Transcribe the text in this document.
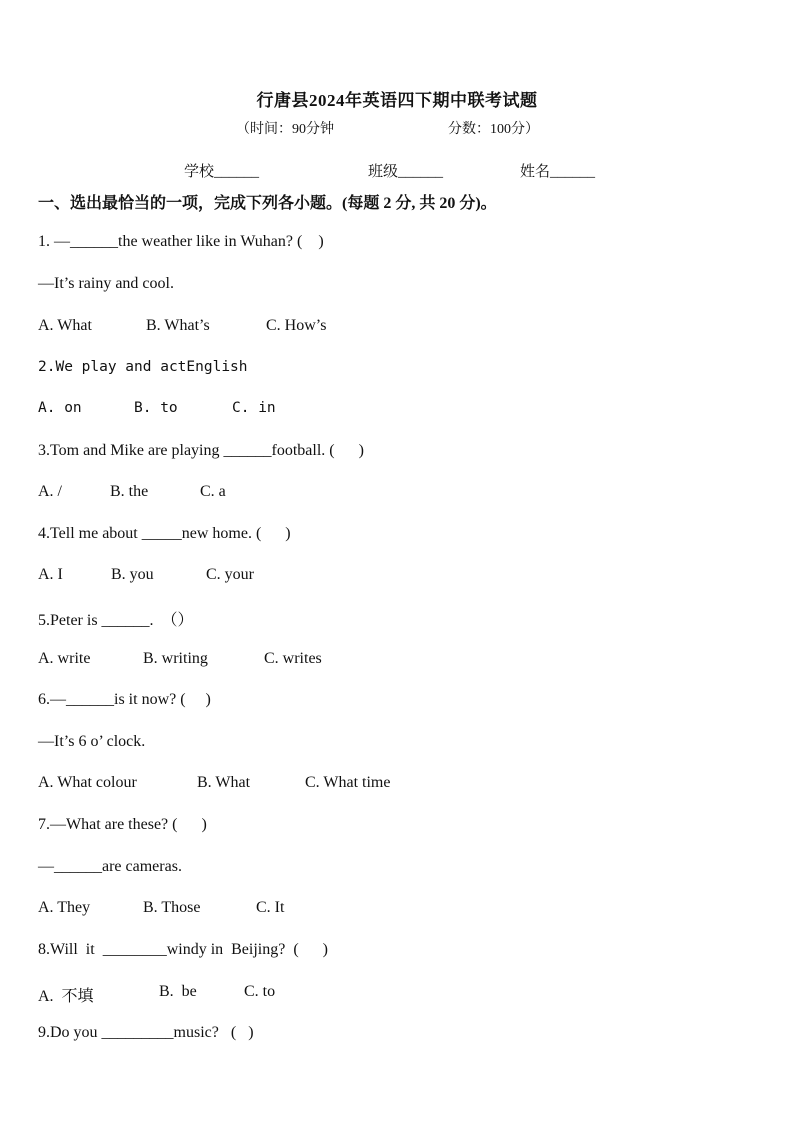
行唐县2024年英语四下期中联考试题
（时间：90分钟	分数：100分）
学校______	班级______	姓名______
一、选出最恰当的一项，完成下列各小题。(每题 2 分, 共 20 分)。
1. —______the weather like in Wuhan? (    )
—It’s rainy and cool.
A. What	B. What’s	C. How’s
2.We play and actEnglish
A. on	B. to	C. in
3.Tom and Mike are playing ______football. (      )
A. /	B. the	C. a
4.Tell me about _____new home. (      )
A. I	B. you	C. your
5.Peter is ______.  （）
A. write	B. writing	C. writes
6.—______is it now? (     )
—It’s 6 o’ clock.
A. What colour	B. What	C. What time
7.—What are these? (      )
—______are cameras.
A. They	B. Those	C. It
8.Will  it  ________windy in  Beijing?  (      )
A.  不填	B.  be	C. to
9.Do you _________music?   (   )
